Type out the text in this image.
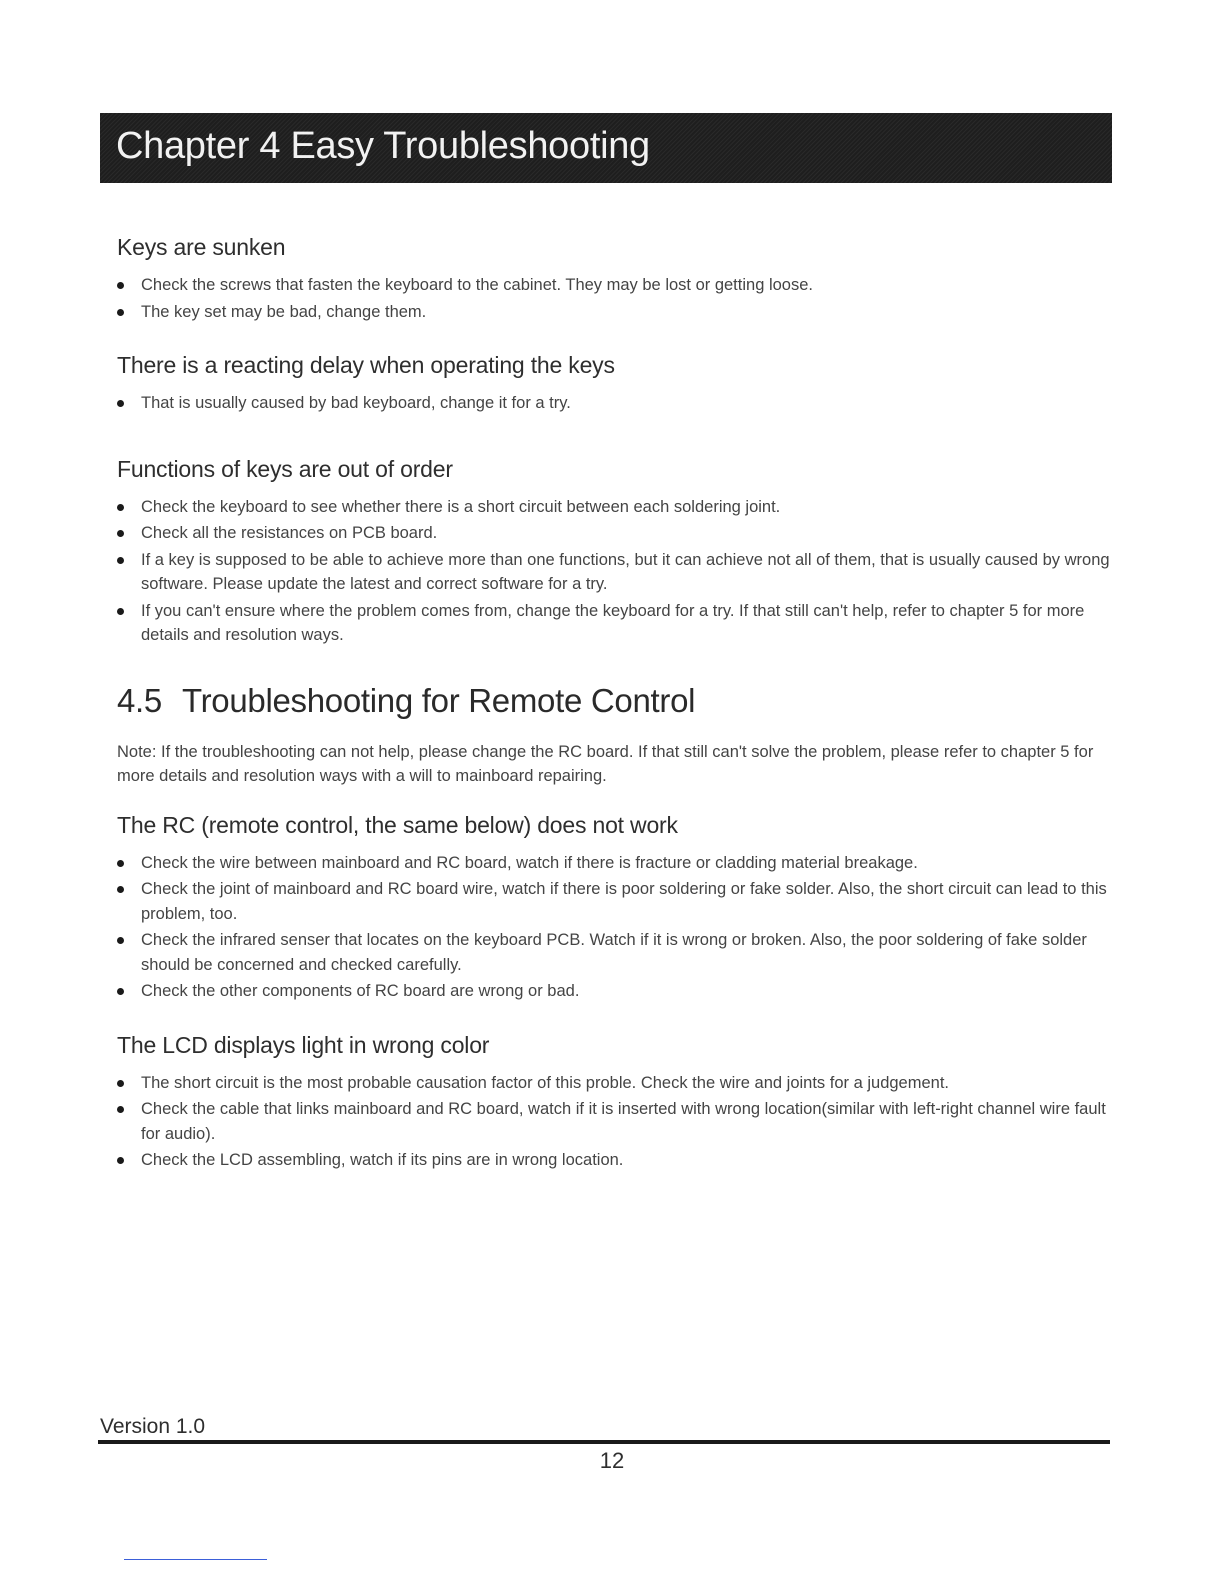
Chapter 4 Easy Troubleshooting
Keys are sunken
Check the screws that fasten the keyboard to the cabinet. They may be lost or getting loose.
The key set may be bad, change them.
There is a reacting delay when operating the keys
That is usually caused by bad keyboard, change it for a try.
Functions of keys are out of order
Check the keyboard to see whether there is a short circuit between each soldering joint.
Check all the resistances on PCB board.
If a key is supposed to be able to achieve more than one functions, but it can achieve not all of them, that is usually caused by wrong software. Please update the latest and correct software for a try.
If you can't ensure where the problem comes from, change the keyboard for a try. If that still can't help, refer to chapter 5 for more details and resolution ways.
4.5 Troubleshooting for Remote Control

Note: If the troubleshooting can not help, please change the RC board. If that still can't solve the problem, please refer to chapter 5 for more details and resolution ways with a will to mainboard repairing.

The RC (remote control, the same below) does not work
Check the wire between mainboard and RC board, watch if there is fracture or cladding material breakage.
Check the joint of mainboard and RC board wire, watch if there is poor soldering or fake solder. Also, the short circuit can lead to this problem, too.
Check the infrared senser that locates on the keyboard PCB. Watch if it is wrong or broken. Also, the poor soldering of fake solder should be concerned and checked carefully.
Check the other components of RC board are wrong or bad.
The LCD displays light in wrong color
The short circuit is the most probable causation factor of this proble. Check the wire and joints for a judgement.
Check the cable that links mainboard and RC board, watch if it is inserted with wrong location(similar with left-right channel wire fault for audio).
Check the LCD assembling, watch if its pins are in wrong location.
Version 1.0
12
